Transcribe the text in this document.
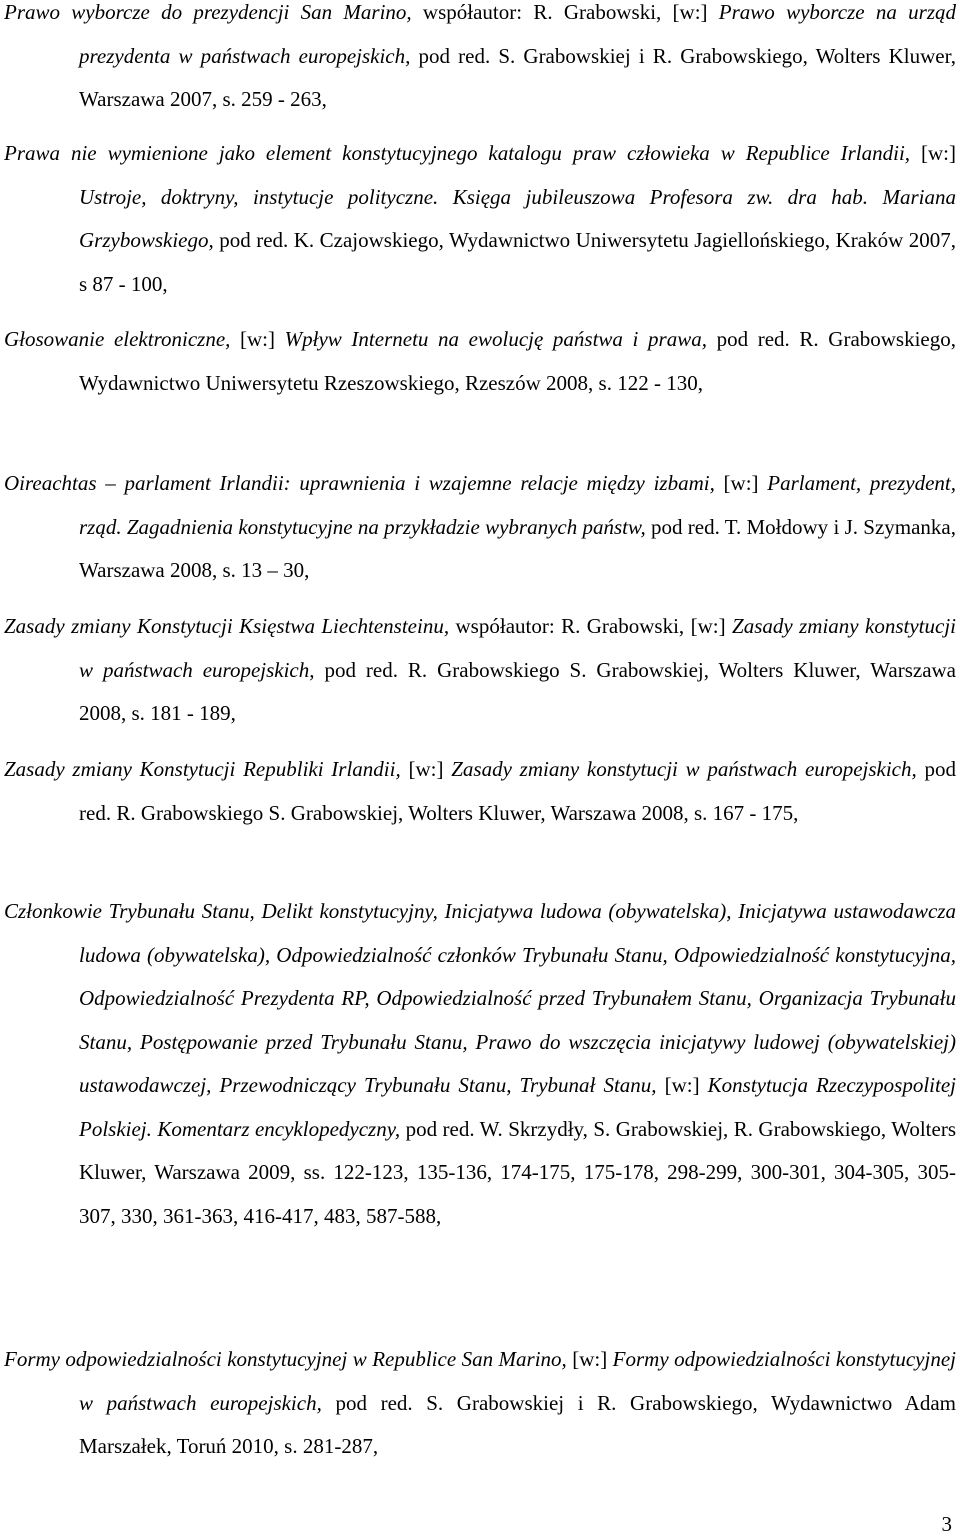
Prawo wyborcze do prezydencji San Marino, współautor: R. Grabowski, [w:] Prawo wyborcze na urząd prezydenta w państwach europejskich, pod red. S. Grabowskiej i R. Grabowskiego, Wolters Kluwer, Warszawa 2007, s. 259 - 263,
Prawa nie wymienione jako element konstytucyjnego katalogu praw człowieka w Republice Irlandii, [w:] Ustroje, doktryny, instytucje polityczne. Księga jubileuszowa Profesora zw. dra hab. Mariana Grzybowskiego, pod red. K. Czajowskiego, Wydawnictwo Uniwersytetu Jagiellońskiego, Kraków 2007, s 87 - 100,
Głosowanie elektroniczne, [w:] Wpływ Internetu na ewolucję państwa i prawa, pod red. R. Grabowskiego, Wydawnictwo Uniwersytetu Rzeszowskiego, Rzeszów 2008, s. 122 - 130,
Oireachtas – parlament Irlandii: uprawnienia i wzajemne relacje między izbami, [w:] Parlament, prezydent, rząd. Zagadnienia konstytucyjne na przykładzie wybranych państw, pod red. T. Mołdowy i J. Szymanka, Warszawa 2008, s. 13 – 30,
Zasady zmiany Konstytucji Księstwa Liechtensteinu, współautor: R. Grabowski, [w:] Zasady zmiany konstytucji w państwach europejskich, pod red. R. Grabowskiego S. Grabowskiej, Wolters Kluwer, Warszawa 2008, s. 181 - 189,
Zasady zmiany Konstytucji Republiki Irlandii, [w:] Zasady zmiany konstytucji w państwach europejskich, pod red. R. Grabowskiego S. Grabowskiej, Wolters Kluwer, Warszawa 2008, s. 167 - 175,
Członkowie Trybunału Stanu, Delikt konstytucyjny, Inicjatywa ludowa (obywatelska), Inicjatywa ustawodawcza ludowa (obywatelska), Odpowiedzialność członków Trybunału Stanu, Odpowiedzialność konstytucyjna, Odpowiedzialność Prezydenta RP, Odpowiedzialność przed Trybunałem Stanu, Organizacja Trybunału Stanu, Postępowanie przed Trybunału Stanu, Prawo do wszczęcia inicjatywy ludowej (obywatelskiej) ustawodawczej, Przewodniczący Trybunału Stanu, Trybunał Stanu, [w:] Konstytucja Rzeczypospolitej Polskiej. Komentarz encyklopedyczny, pod red. W. Skrzydły, S. Grabowskiej, R. Grabowskiego, Wolters Kluwer, Warszawa 2009, ss. 122-123, 135-136, 174-175, 175-178, 298-299, 300-301, 304-305, 305-307, 330, 361-363, 416-417, 483, 587-588,
Formy odpowiedzialności konstytucyjnej w Republice San Marino, [w:] Formy odpowiedzialności konstytucyjnej w państwach europejskich, pod red. S. Grabowskiej i R. Grabowskiego, Wydawnictwo Adam Marszałek, Toruń 2010, s. 281-287,
3
